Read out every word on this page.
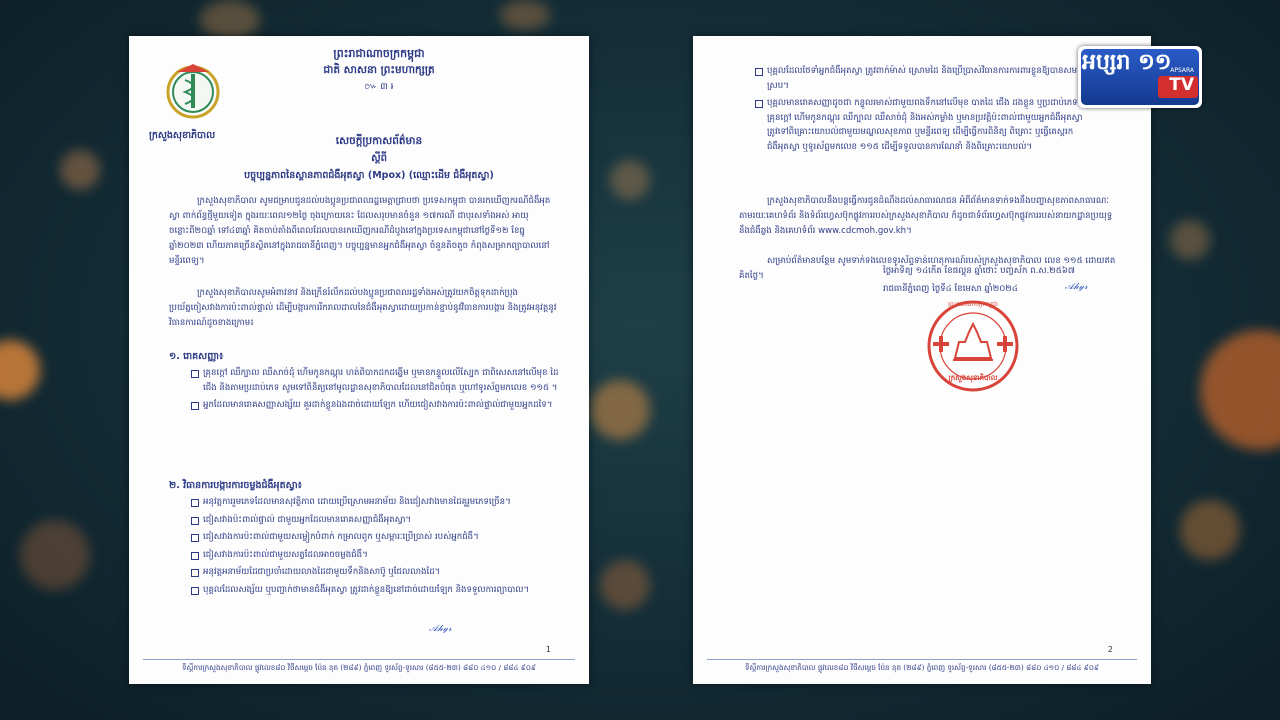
ក្រសួងសុខាភិបាល
ព្រះរាជាណាចក្រកម្ពុជា
ជាតិ សាសនា ព្រះមហាក្សត្រ
៚ ៣ ៛
សេចក្ដីប្រកាសព័ត៌មាន
ស្ដីពី
បច្ចុប្បន្នភាពនៃស្ថានភាពជំងឺអុតស្វា (Mpox) (ឈ្មោះដើម ជំងឺអុតស្វា)

ក្រសួងសុខាភិបាល សូមជម្រាបជូនដល់បងប្អូនប្រជាពលរដ្ឋមេត្តាជ្រាបថា ប្រទេសកម្ពុជា បានរកឃើញករណីជំងឺអុតស្វា ពាក់ព័ន្ធថ្មីមួយទៀត ក្នុងរយៈពេល១២ថ្ងៃ ចុងក្រោយនេះ ដែលសរុបមានចំនួន ១៧ករណី ជាបុរសទាំងអស់ អាយុចន្លោះពី២០ឆ្នាំ ទៅ៤៣ឆ្នាំ គិតចាប់តាំងពីពេលដែលបានរកឃើញករណីដំបូងនៅក្នុងប្រទេសកម្ពុជានៅថ្ងៃទី១២ ខែធ្នូ ឆ្នាំ២០២៣ ហើយភាគច្រើនស្ថិតនៅក្នុងរាជធានីភ្នំពេញ។ បច្ចុប្បន្នមានអ្នកជំងឺអុតស្វា ចំនួនតិចតួច កំពុងសម្រាកព្យាបាលនៅមន្ទីរពេទ្យ។

ក្រសួងសុខាភិបាលសូមអំពាវនាវ និងក្រើនរំលឹកដល់បងប្អូនប្រជាពលរដ្ឋទាំងអស់ត្រូវយកចិត្តទុកដាក់ប្រុងប្រយ័ត្នចៀសវាងការប៉ះពាល់ផ្ទាល់ ដើម្បីបង្ការការរីករាលដាលនៃជំងឺអុតស្វាដោយប្រកាន់ខ្ជាប់នូវវិធានការបង្ការ និងត្រូវអនុវត្តនូវវិធានការណ៍ដូចខាងក្រោម៖

១. រោគសញ្ញា៖
គ្រុនក្ដៅ ឈឺក្បាល ឈឺសាច់ដុំ ហើមកូនកណ្ដុរ ហត់ពិបាកដកដង្ហើម ឬមានកន្ទួលលើស្បែក ជាពិសេសនៅលើមុខ ដៃ ជើង និងតាមប្រដាប់ភេទ សូមទៅពិនិត្យនៅមូលដ្ឋានសុខាភិបាលដែលនៅជិតបំផុត ឬហៅទូរស័ព្ទមកលេខ ១១៥ ។
អ្នកដែលមានរោគសញ្ញាសង្ស័យ គួរដាក់ខ្លួនឯងដាច់ដោយឡែក ហើយជៀសវាងការប៉ះពាល់ផ្ទាល់ជាមួយអ្នកដទៃ។
២. វិធានការបង្ការការចម្លងជំងឺអុតស្វា៖
អនុវត្តការរួមភេទដែលមានសុវត្ថិភាព ដោយប្រើស្រោមអនាម័យ និងជៀសវាងមានដៃគូរួមភេទច្រើន។
ជៀសវាងប៉ះពាល់ផ្ទាល់ ជាមួយអ្នកដែលមានរោគសញ្ញាជំងឺអុតស្វា។
ជៀសវាងការប៉ះពាល់ជាមួយសម្លៀកបំពាក់ កម្រាលពូក ឬសម្ភារៈប្រើប្រាស់ របស់អ្នកជំងឺ។
ជៀសវាងការប៉ះពាល់ជាមួយសត្វដែលអាចចម្លងជំងឺ។
អនុវត្តអនាម័យដៃជាប្រចាំដោយលាងដៃជាមួយទឹកនិងសាប៊ូ ឬជែលលាងដៃ។
បុគ្គលដែលសង្ស័យ ឬបញ្ជាក់ថាមានជំងឺអុតស្វា ត្រូវដាក់ខ្លួនឱ្យនៅដាច់ដោយឡែក និងទទួលការព្យាបាល។
𝒜𝒽𝓎𝓇
1
ទីស្ដីការក្រសួងសុខាភិបាល ផ្លូវលេខ៨០ វិថីសម្ដេច ប៉ែន នុត (២៨៩) ភ្នំពេញ ទូរស័ព្ទ-ទូរសារ (៨៥៥-២៣) ៨៨០ ៤១០ / ៨៨៤ ៩០៩
បុគ្គលដែលថែទាំអ្នកជំងឺអុតស្វា ត្រូវពាក់ម៉ាស់ ស្រោមដៃ និងប្រើប្រាស់វិធានការការពារខ្លួនឱ្យបានសមស្រប។
បុគ្គលមានរោគសញ្ញាដូចជា កន្ទួលរមាស់ជាមួយពងទឹកនៅលើមុខ បាតដៃ ជើង ដងខ្លួន ឬប្រដាប់ភេទ គ្រុនក្ដៅ ហើមកូនកណ្ដុរ ឈឺក្បាល ឈឺសាច់ដុំ និងអស់កម្លាំង ឬមានប្រវត្តិប៉ះពាល់ជាមួយអ្នកជំងឺអុតស្វា ត្រូវទៅពិគ្រោះយោបល់ជាមួយមណ្ឌលសុខភាព ឬមន្ទីរពេទ្យ ដើម្បីធ្វើការពិនិត្យ ពិគ្រោះ ឬធ្វើតេស្ដរកជំងឺអុតស្វា ឬទូរស័ព្ទមកលេខ ១១៥ ដើម្បីទទួលបានការណែនាំ និងពិគ្រោះយោបល់។

ក្រសួងសុខាភិបាលនឹងបន្តធ្វើការជូនដំណឹងដល់សាធារណជន អំពីព័ត៌មានទាក់ទងនឹងបញ្ហាសុខភាពសាធារណៈ តាមរយៈគេហទំព័រ និងទំព័រហ្វេសប៊ុកផ្លូវការរបស់ក្រសួងសុខាភិបាល ក៏ដូចជាទំព័រហ្វេសប៊ុកផ្លូវការរបស់នាយកដ្ឋានប្រយុទ្ធនឹងជំងឺឆ្លង និងគេហទំព័រ www.cdcmoh.gov.kh។

សម្រាប់ព័ត៌មានបន្ថែម សូមទាក់ទងលេខទូរស័ព្ទទាន់ហេតុការណ៍របស់ក្រសួងសុខាភិបាល លេខ ១១៥ ដោយឥតគិតថ្លៃ។	ថ្ងៃអាទិត្យ ១៤កើត ខែផល្គុន ឆ្នាំថោះ បញ្ចស័ក ព.ស.២៥៦៧
រាជធានីភ្នំពេញ ថ្ងៃទី៤ ខែមេសា ឆ្នាំ២០២៤	𝒜𝒽𝓎𝓇
ព្រះរាជាណាចក្រកម្ពុជា
ក្រសួងសុខាភិបាល
2
ទីស្ដីការក្រសួងសុខាភិបាល ផ្លូវលេខ៨០ វិថីសម្ដេច ប៉ែន នុត (២៨៩) ភ្នំពេញ ទូរស័ព្ទ-ទូរសារ (៨៥៥-២៣) ៨៨០ ៤១០ / ៨៨៤ ៩០៩
អប្សរា ១១
APSARA
TV
